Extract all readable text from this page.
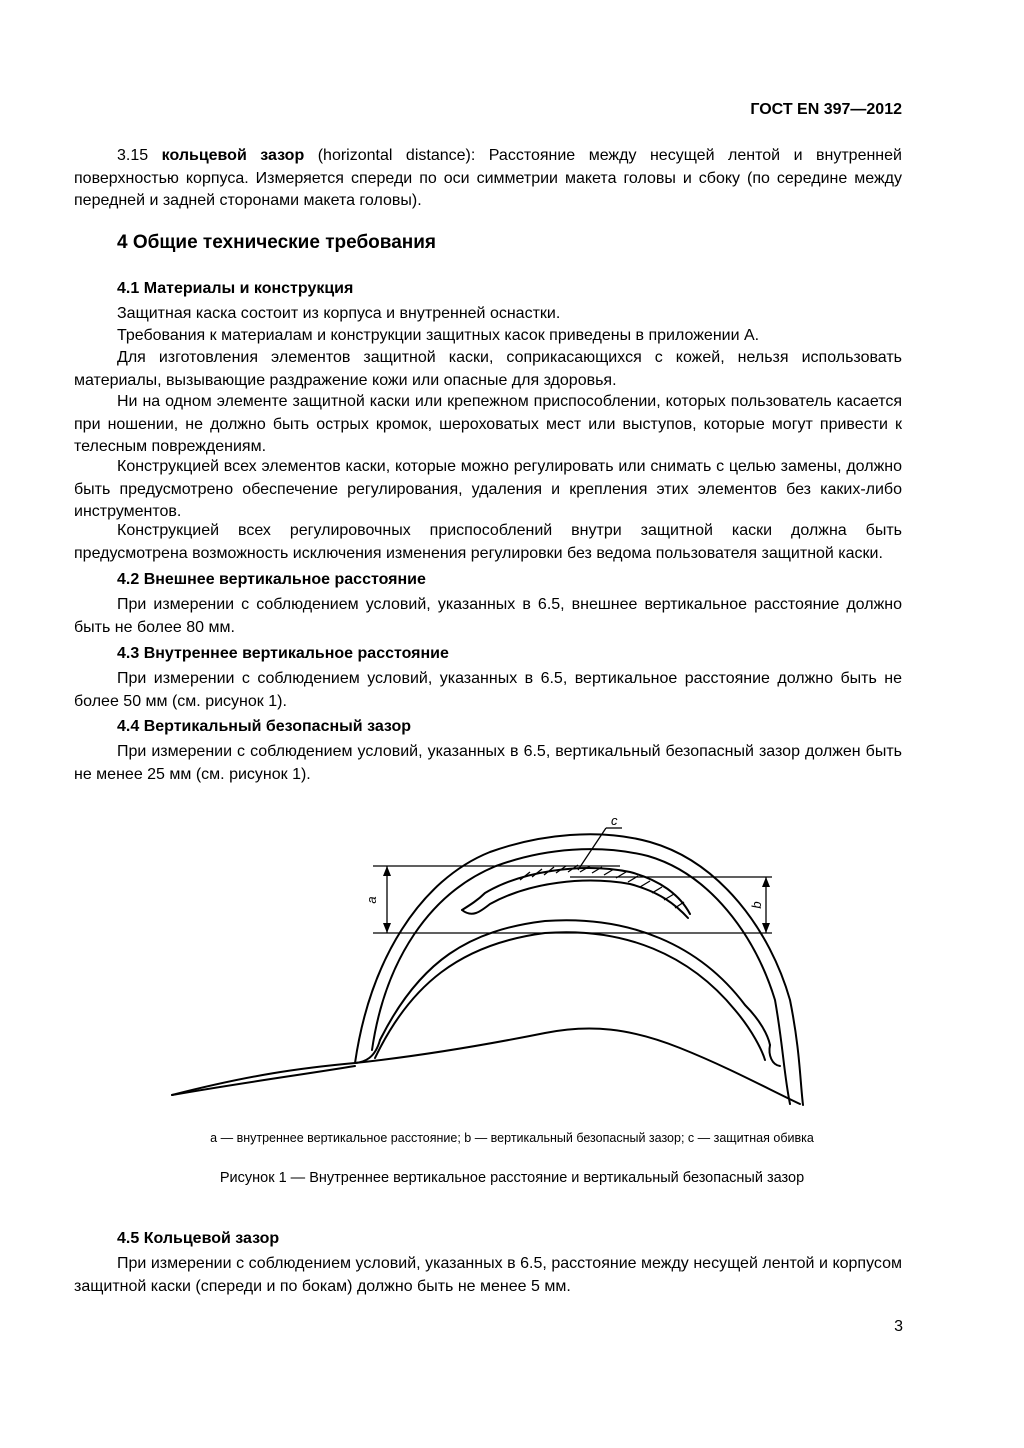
ГОСТ EN 397—2012

3.15 кольцевой зазор (horizontal distance): Расстояние между несущей лентой и внутренней поверхностью корпуса. Измеряется спереди по оси симметрии макета головы и сбоку (по середине между передней и задней сторонами макета головы).

4 Общие технические требования
4.1 Материалы и конструкция

Защитная каска состоит из корпуса и внутренней оснастки.

Требования к материалам и конструкции защитных касок приведены в приложении А.

Для изготовления элементов защитной каски, соприкасающихся с кожей, нельзя использовать материалы, вызывающие раздражение кожи или опасные для здоровья.

Ни на одном элементе защитной каски или крепежном приспособлении, которых пользователь касается при ношении, не должно быть острых кромок, шероховатых мест или выступов, которые могут привести к телесным повреждениям.

Конструкцией всех элементов каски, которые можно регулировать или снимать с целью замены, должно быть предусмотрено обеспечение регулирования, удаления и крепления этих элементов без каких-либо инструментов.

Конструкцией всех регулировочных приспособлений внутри защитной каски должна быть предусмотрена возможность исключения изменения регулировки без ведома пользователя защитной каски.

4.2 Внешнее вертикальное расстояние

При измерении с соблюдением условий, указанных в 6.5, внешнее вертикальное расстояние должно быть не более 80 мм.

4.3 Внутреннее вертикальное расстояние

При измерении с соблюдением условий, указанных в 6.5, вертикальное расстояние должно быть не более 50 мм (см. рисунок 1).

4.4 Вертикальный безопасный зазор

При измерении с соблюдением условий, указанных в 6.5, вертикальный безопасный зазор должен быть не менее 25 мм (см. рисунок 1).

a
b
c
a — внутреннее вертикальное расстояние; b — вертикальный безопасный зазор; c — защитная обивка
Рисунок 1 — Внутреннее вертикальное расстояние и вертикальный безопасный зазор
4.5 Кольцевой зазор

При измерении с соблюдением условий, указанных в 6.5, расстояние между несущей лентой и корпусом защитной каски (спереди и по бокам) должно быть не менее 5 мм.

3
